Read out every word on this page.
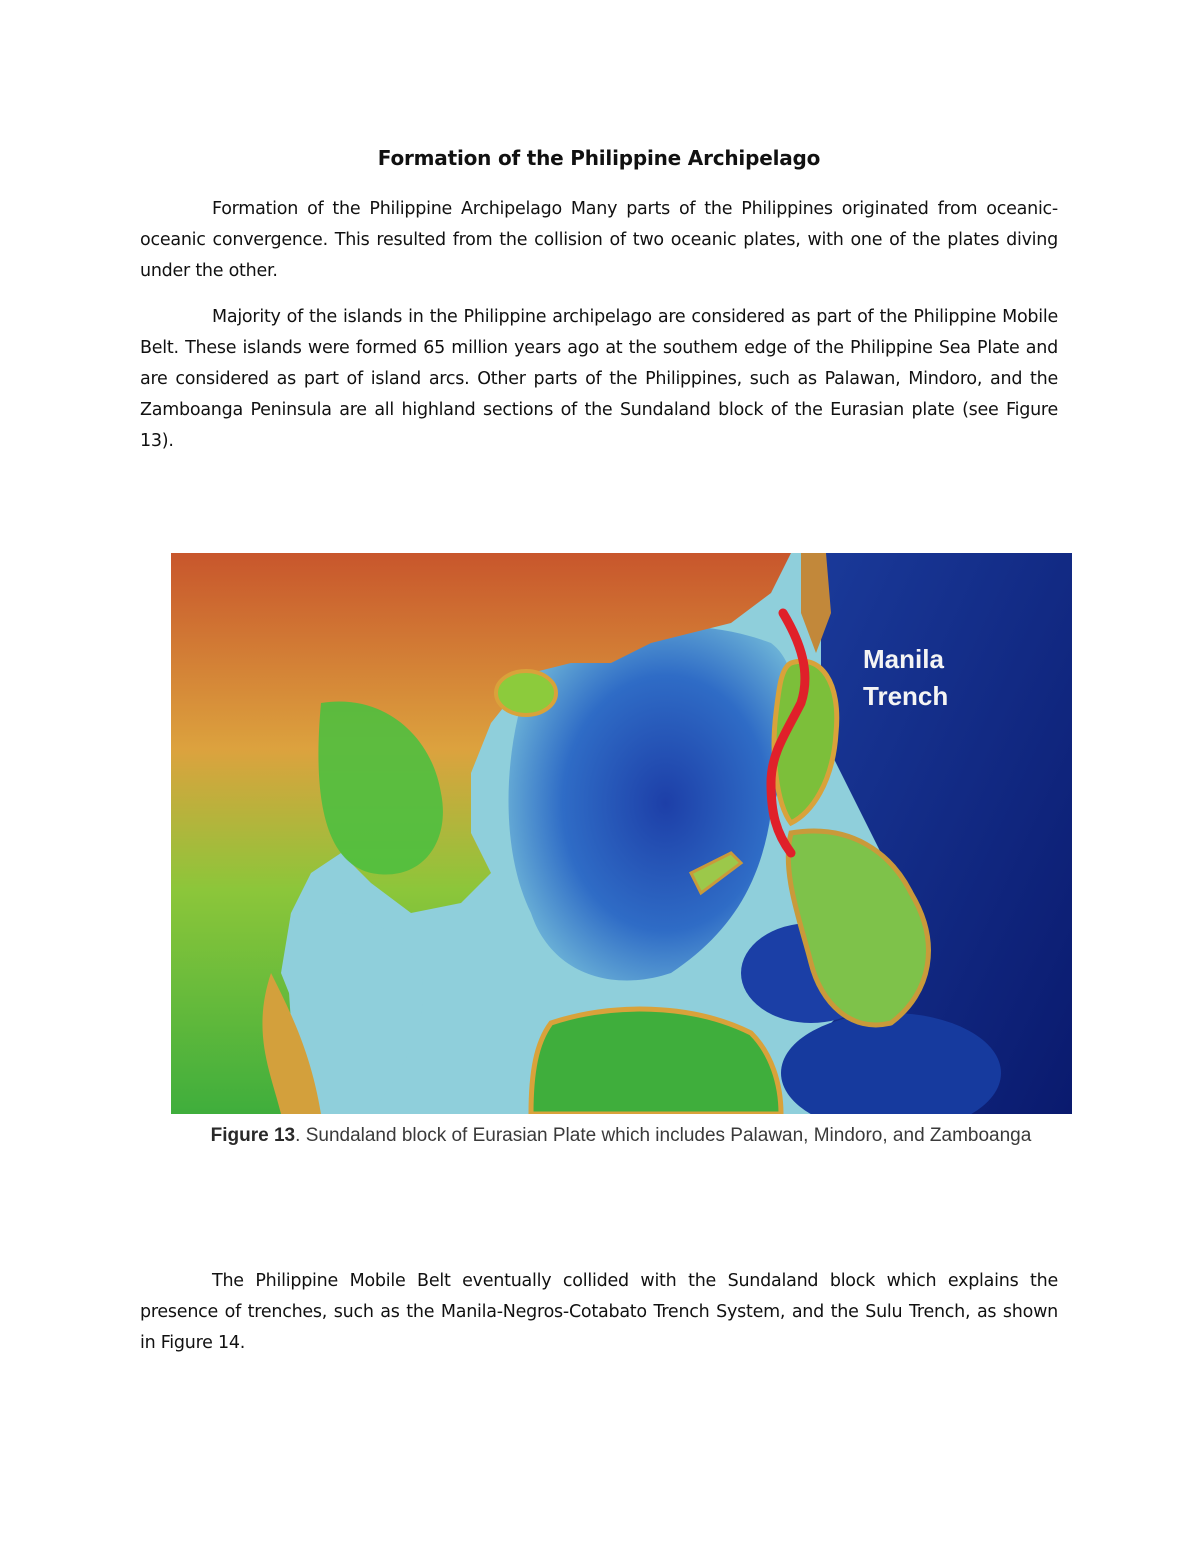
Formation of the Philippine Archipelago

Formation of the Philippine Archipelago Many parts of the Philippines originated from oceanic-oceanic convergence. This resulted from the collision of two oceanic plates, with one of the plates diving under the other.

Majority of the islands in the Philippine archipelago are considered as part of the Philippine Mobile Belt. These islands were formed 65 million years ago at the southem edge of the Philippine Sea Plate and are considered as part of island arcs. Other parts of the Philippines, such as Palawan, Mindoro, and the Zamboanga Peninsula are all highland sections of the Sundaland block of the Eurasian plate (see Figure 13).

Manila
Trench
Figure 13. Sundaland block of Eurasian Plate which includes Palawan, Mindoro, and Zamboanga

The Philippine Mobile Belt eventually collided with the Sundaland block which explains the presence of trenches, such as the Manila-Negros-Cotabato Trench System, and the Sulu Trench, as shown in Figure 14.
